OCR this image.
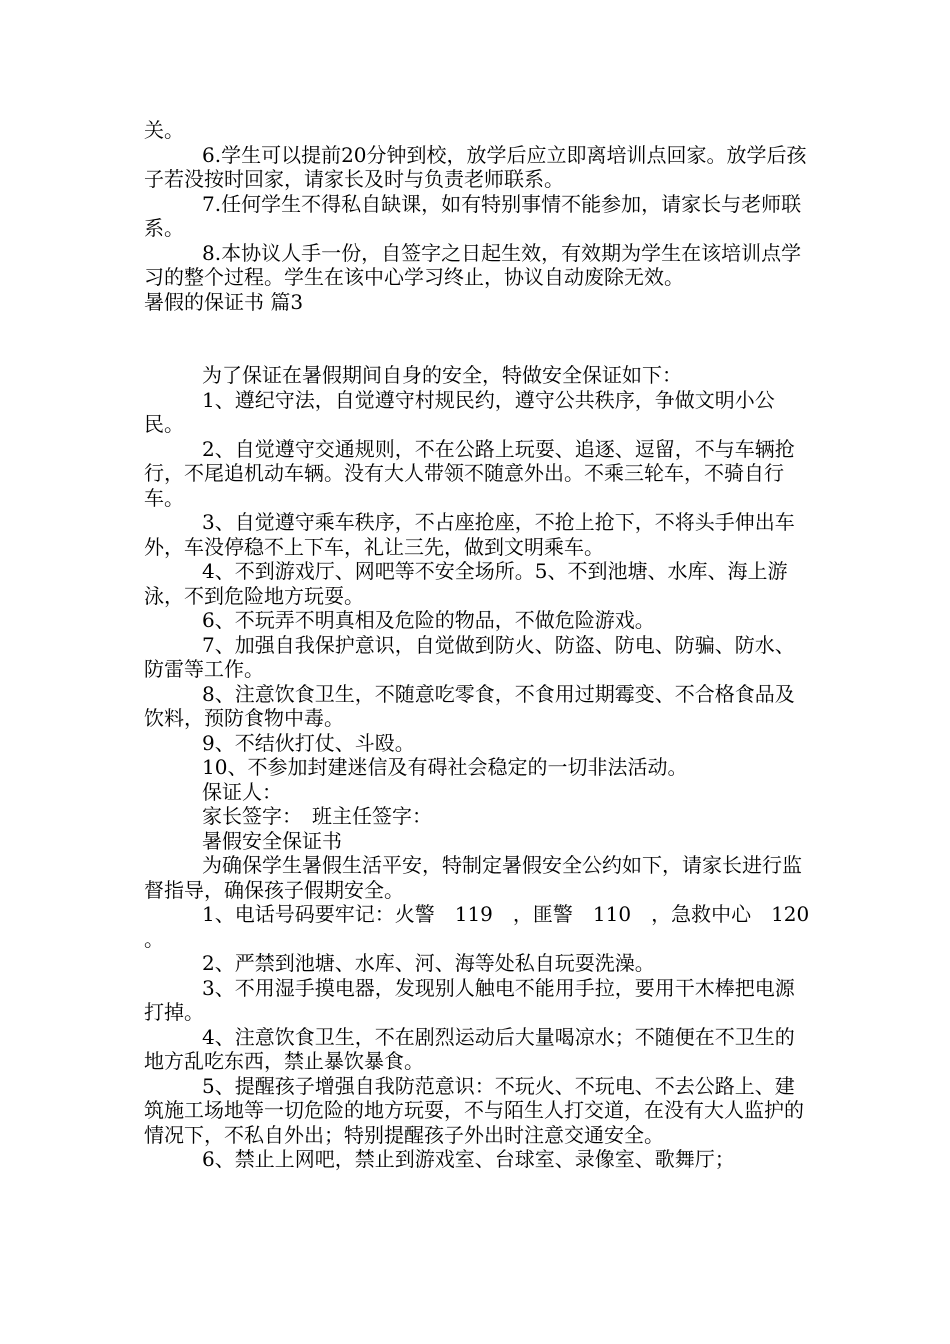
关。

6.学生可以提前20分钟到校，放学后应立即离培训点回家。放学后孩子若没按时回家，请家长及时与负责老师联系。

7.任何学生不得私自缺课，如有特别事情不能参加，请家长与老师联系。

8.本协议人手一份，自签字之日起生效，有效期为学生在该培训点学习的整个过程。学生在该中心学习终止，协议自动废除无效。

暑假的保证书 篇3

为了保证在暑假期间自身的安全，特做安全保证如下：

1、遵纪守法，自觉遵守村规民约，遵守公共秩序，争做文明小公民。

2、自觉遵守交通规则，不在公路上玩耍、追逐、逗留，不与车辆抢行，不尾追机动车辆。没有大人带领不随意外出。不乘三轮车，不骑自行车。

3、自觉遵守乘车秩序，不占座抢座，不抢上抢下，不将头手伸出车外，车没停稳不上下车，礼让三先，做到文明乘车。

4、不到游戏厅、网吧等不安全场所。5、不到池塘、水库、海上游泳，不到危险地方玩耍。

6、不玩弄不明真相及危险的物品，不做危险游戏。

7、加强自我保护意识，自觉做到防火、防盗、防电、防骗、防水、防雷等工作。

8、注意饮食卫生，不随意吃零食，不食用过期霉变、不合格食品及饮料，预防食物中毒。

9、不结伙打仗、斗殴。

10、不参加封建迷信及有碍社会稳定的一切非法活动。

保证人：

家长签字：　班主任签字：

暑假安全保证书

为确保学生暑假生活平安，特制定暑假安全公约如下，请家长进行监督指导，确保孩子假期安全。

1、电话号码要牢记：火警　119　，匪警　110　，急救中心　120　。

2、严禁到池塘、水库、河、海等处私自玩耍洗澡。

3、不用湿手摸电器，发现别人触电不能用手拉，要用干木棒把电源打掉。

4、注意饮食卫生，不在剧烈运动后大量喝凉水；不随便在不卫生的地方乱吃东西，禁止暴饮暴食。

5、提醒孩子增强自我防范意识：不玩火、不玩电、不去公路上、建筑施工场地等一切危险的地方玩耍，不与陌生人打交道，在没有大人监护的情况下，不私自外出；特别提醒孩子外出时注意交通安全。

6、禁止上网吧，禁止到游戏室、台球室、录像室、歌舞厅；
